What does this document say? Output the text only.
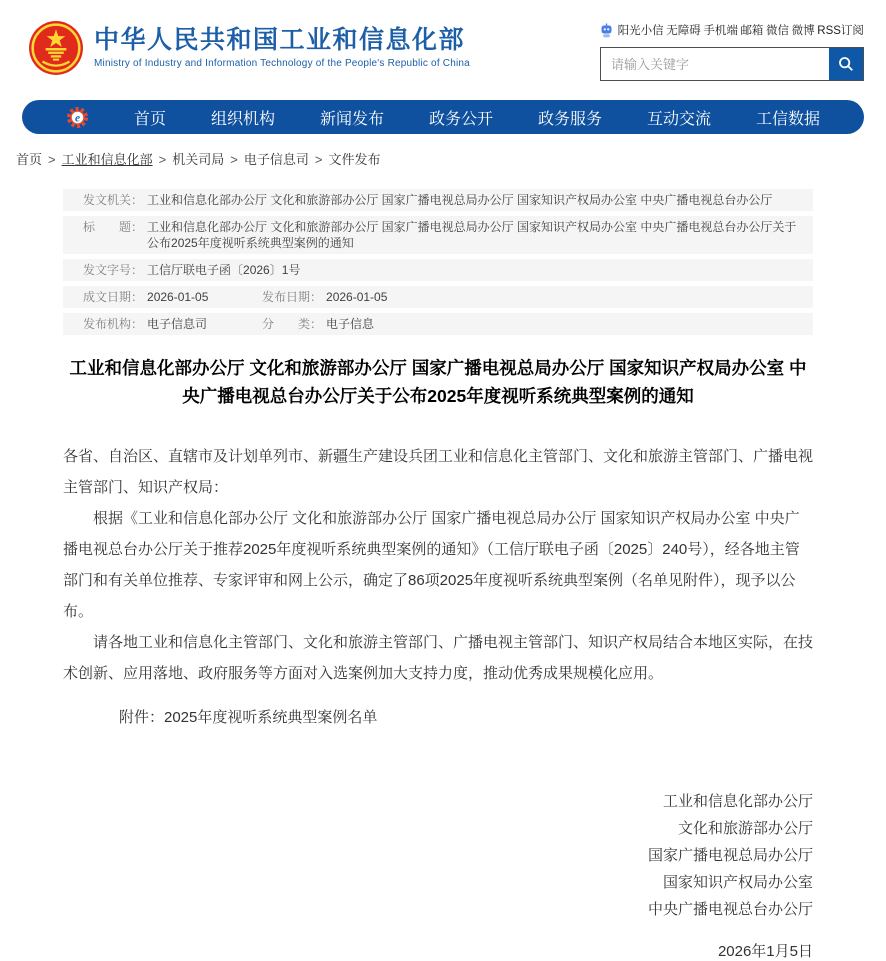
中华人民共和国工业和信息化部
Ministry of Industry and Information Technology of the People's Republic of China
阳光小信 无障碍 手机端 邮箱 微信 微博 RSS订阅
请输入关键字
e	首页	组织机构	新闻发布	政务公开	政务服务	互动交流	工信数据
首页 > 工业和信息化部 > 机关司局 > 电子信息司 > 文件发布
发文机关： 工业和信息化部办公厅 文化和旅游部办公厅 国家广播电视总局办公厅 国家知识产权局办公室 中央广播电视总台办公厅
标　　题： 工业和信息化部办公厅 文化和旅游部办公厅 国家广播电视总局办公厅 国家知识产权局办公室 中央广播电视总台办公厅关于公布2025年度视听系统典型案例的通知
发文字号： 工信厅联电子函〔2026〕1号
成文日期： 2026-01-05	发布日期： 2026-01-05
发布机构： 电子信息司	分　　类： 电子信息
工业和信息化部办公厅 文化和旅游部办公厅 国家广播电视总局办公厅 国家知识产权局办公室 中央广播电视总台办公厅关于公布2025年度视听系统典型案例的通知

各省、自治区、直辖市及计划单列市、新疆生产建设兵团工业和信息化主管部门、文化和旅游主管部门、广播电视主管部门、知识产权局：

根据《工业和信息化部办公厅 文化和旅游部办公厅 国家广播电视总局办公厅 国家知识产权局办公室 中央广播电视总台办公厅关于推荐2025年度视听系统典型案例的通知》（工信厅联电子函〔2025〕240号），经各地主管部门和有关单位推荐、专家评审和网上公示，确定了86项2025年度视听系统典型案例（名单见附件），现予以公布。

请各地工业和信息化主管部门、文化和旅游主管部门、广播电视主管部门、知识产权局结合本地区实际，在技术创新、应用落地、政府服务等方面对入选案例加大支持力度，推动优秀成果规模化应用。

附件：2025年度视听系统典型案例名单
工业和信息化部办公厅
文化和旅游部办公厅
国家广播电视总局办公厅
国家知识产权局办公室
中央广播电视总台办公厅
2026年1月5日
